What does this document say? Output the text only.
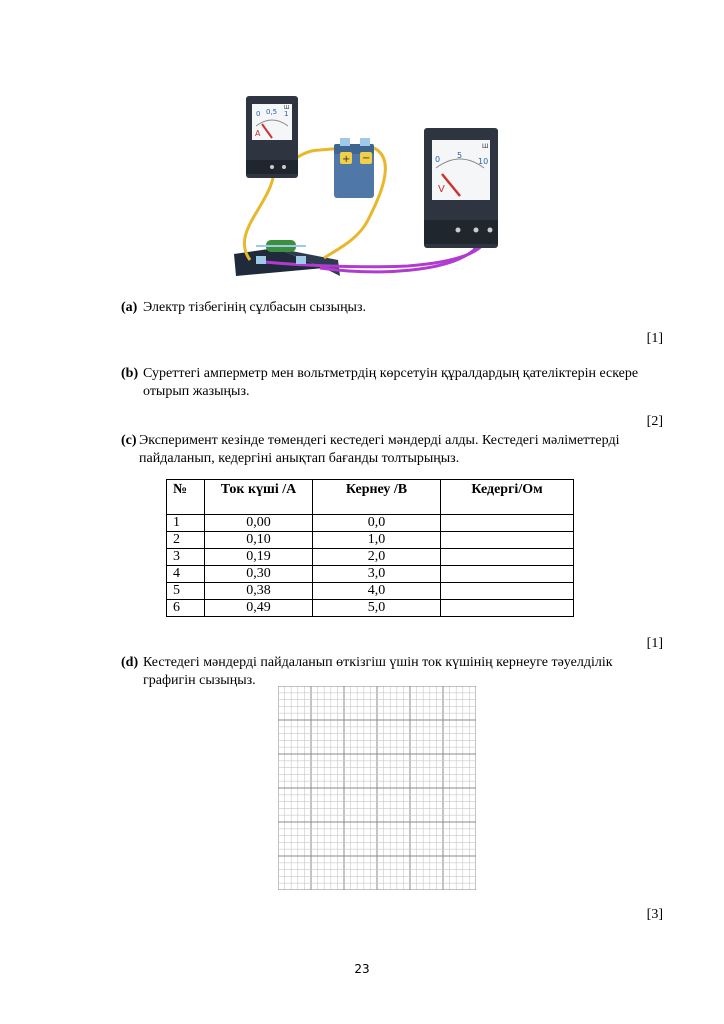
0 0,5 1
Ш
A
+ −	0 5
10
Ш
V
(a) Электр тізбегінің сұлбасын сызыңыз.
[1]
(b) Суреттегі амперметр мен вольтметрдің көрсетуін құралдардың қателіктерін ескере
отырып жазыңыз.
[2]
(c) Эксперимент кезінде төмендегі кестедегі мәндерді алды. Кестедегі мәліметтерді
пайдаланып, кедергіні анықтап бағанды толтырыңыз.
№	Ток күші /А	Кернеу /В	Кедергі/Ом
1	0,00	0,0	
2	0,10	1,0	
3	0,19	2,0	
4	0,30	3,0	
5	0,38	4,0	
6	0,49	5,0	
[1]
(d) Кестедегі мәндерді пайдаланып өткізгіш үшін ток күшінің кернеуге тәуелділік
графигін сызыңыз.
[3]
23
